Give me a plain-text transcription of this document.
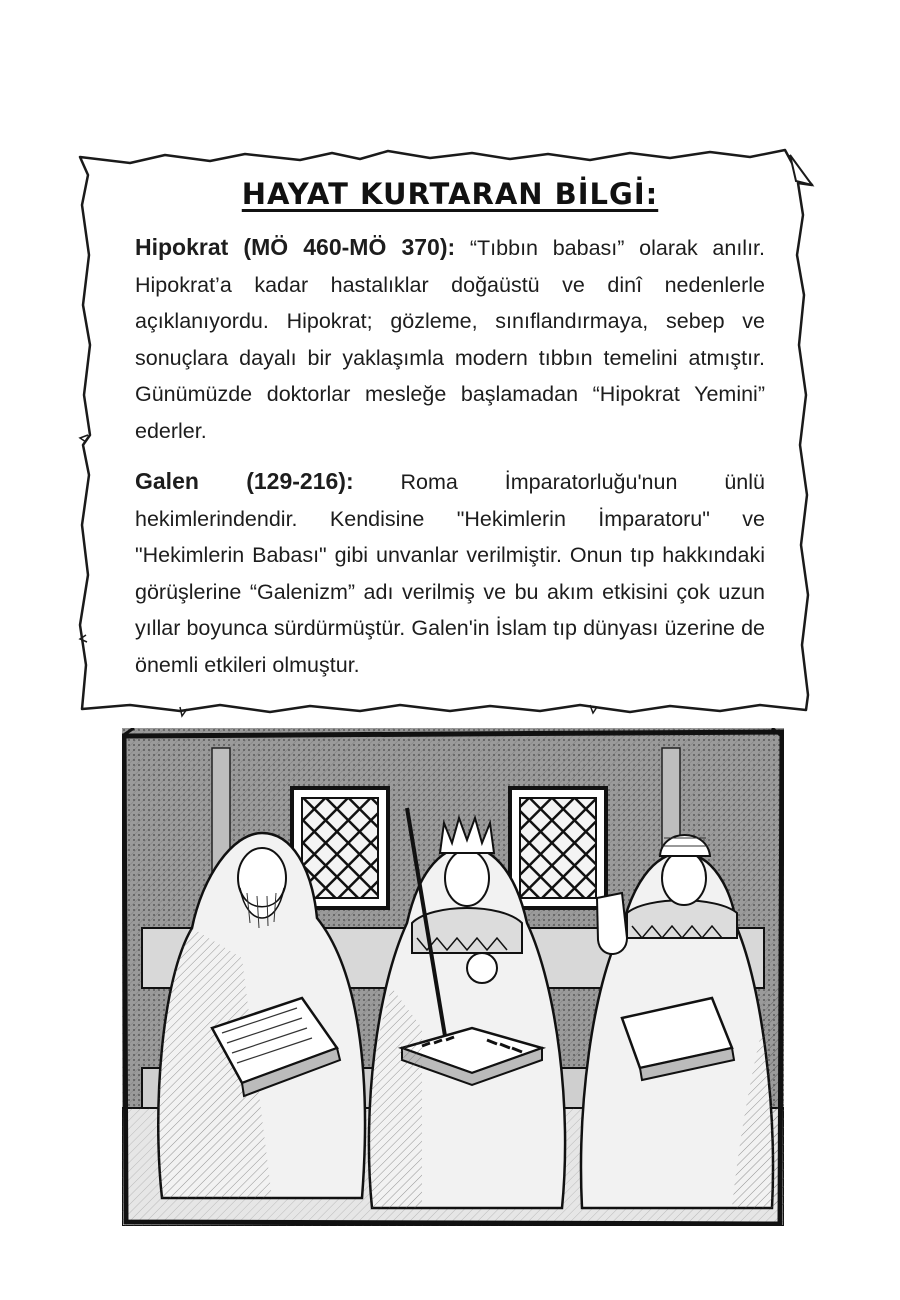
HAYAT KURTARAN BİLGİ:

Hipokrat (MÖ 460-MÖ 370): “Tıbbın babası” olarak anılır. Hipokrat’a kadar hastalıklar doğaüstü ve dinî nedenlerle açıklanıyordu. Hipokrat; gözleme, sınıflandırmaya, sebep ve sonuçlara dayalı bir yaklaşımla modern tıbbın temelini atmıştır. Günümüzde doktorlar mesleğe başlamadan “Hipokrat Yemini” ederler.

Galen (129-216): Roma İmparatorluğu'nun ünlü hekimlerindendir. Kendisine "Hekimlerin İmparatoru" ve "Hekimlerin Babası" gibi unvanlar verilmiştir. Onun tıp hakkındaki görüşlerine “Galenizm” adı verilmiş ve bu akım etkisini çok uzun yıllar boyunca sürdürmüştür. Galen'in İslam tıp dünyası üzerine de önemli etkileri olmuştur.
